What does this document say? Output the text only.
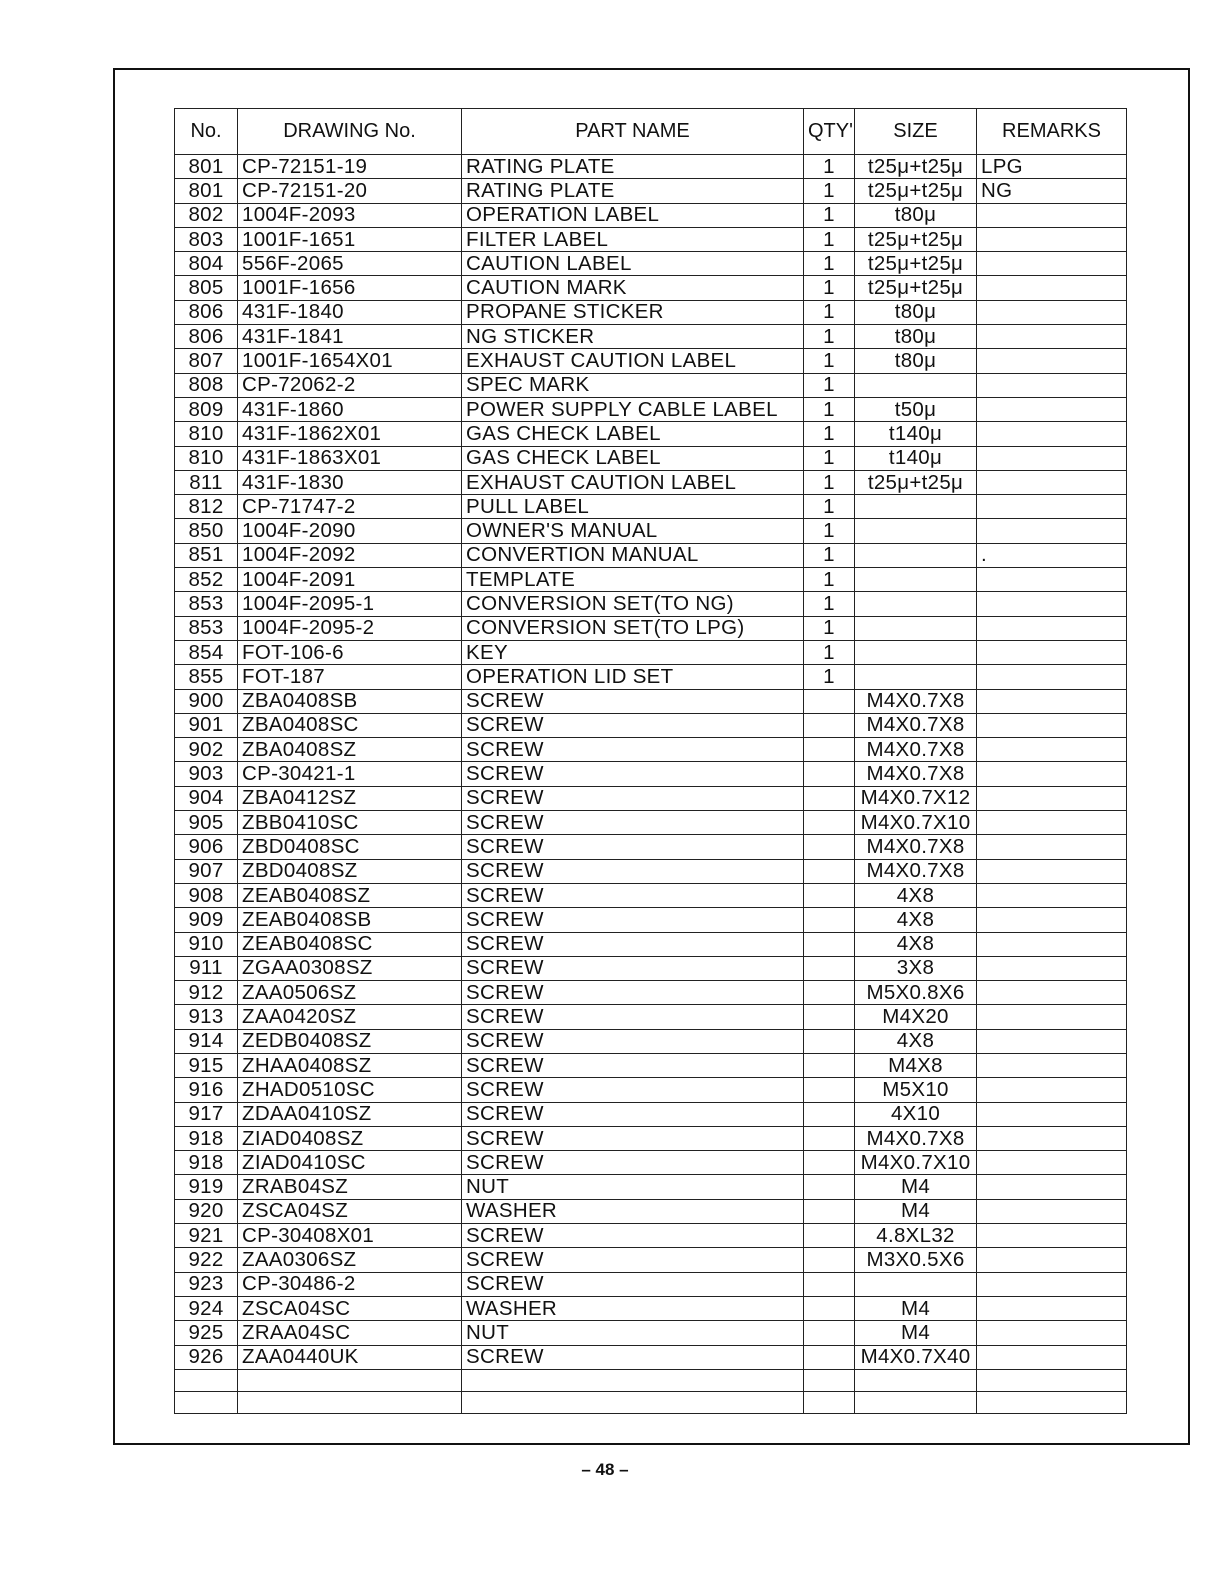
No.	DRAWING No.	PART NAME	QTY'	SIZE	REMARKS
801	CP-72151-19	RATING PLATE	1	t25μ+t25μ	LPG
801	CP-72151-20	RATING PLATE	1	t25μ+t25μ	NG
802	1004F-2093	OPERATION LABEL	1	t80μ	
803	1001F-1651	FILTER LABEL	1	t25μ+t25μ	
804	556F-2065	CAUTION LABEL	1	t25μ+t25μ	
805	1001F-1656	CAUTION MARK	1	t25μ+t25μ	
806	431F-1840	PROPANE STICKER	1	t80μ	
806	431F-1841	NG STICKER	1	t80μ	
807	1001F-1654X01	EXHAUST CAUTION LABEL	1	t80μ	
808	CP-72062-2	SPEC MARK	1		
809	431F-1860	POWER SUPPLY CABLE LABEL	1	t50μ	
810	431F-1862X01	GAS CHECK LABEL	1	t140μ	
810	431F-1863X01	GAS CHECK LABEL	1	t140μ	
811	431F-1830	EXHAUST CAUTION LABEL	1	t25μ+t25μ	
812	CP-71747-2	PULL LABEL	1		
850	1004F-2090	OWNER'S MANUAL	1		
851	1004F-2092	CONVERTION MANUAL	1		.
852	1004F-2091	TEMPLATE	1		
853	1004F-2095-1	CONVERSION SET(TO NG)	1		
853	1004F-2095-2	CONVERSION SET(TO LPG)	1		
854	FOT-106-6	KEY	1		
855	FOT-187	OPERATION LID SET	1		
900	ZBA0408SB	SCREW		M4X0.7X8	
901	ZBA0408SC	SCREW		M4X0.7X8	
902	ZBA0408SZ	SCREW		M4X0.7X8	
903	CP-30421-1	SCREW		M4X0.7X8	
904	ZBA0412SZ	SCREW		M4X0.7X12	
905	ZBB0410SC	SCREW		M4X0.7X10	
906	ZBD0408SC	SCREW		M4X0.7X8	
907	ZBD0408SZ	SCREW		M4X0.7X8	
908	ZEAB0408SZ	SCREW		4X8	
909	ZEAB0408SB	SCREW		4X8	
910	ZEAB0408SC	SCREW		4X8	
911	ZGAA0308SZ	SCREW		3X8	
912	ZAA0506SZ	SCREW		M5X0.8X6	
913	ZAA0420SZ	SCREW		M4X20	
914	ZEDB0408SZ	SCREW		4X8	
915	ZHAA0408SZ	SCREW		M4X8	
916	ZHAD0510SC	SCREW		M5X10	
917	ZDAA0410SZ	SCREW		4X10	
918	ZIAD0408SZ	SCREW		M4X0.7X8	
918	ZIAD0410SC	SCREW		M4X0.7X10	
919	ZRAB04SZ	NUT		M4	
920	ZSCA04SZ	WASHER		M4	
921	CP-30408X01	SCREW		4.8XL32	
922	ZAA0306SZ	SCREW		M3X0.5X6	
923	CP-30486-2	SCREW			
924	ZSCA04SC	WASHER		M4	
925	ZRAA04SC	NUT		M4	
926	ZAA0440UK	SCREW		M4X0.7X40	

– 48 –
